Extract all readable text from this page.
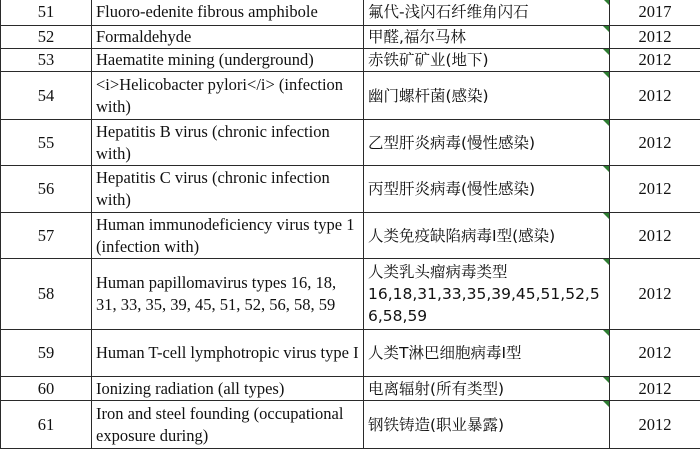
51	Fluoro-edenite fibrous amphibole	氟代-浅闪石纤维角闪石	2017
52	Formaldehyde	甲醛,福尔马林	2012
53	Haematite mining (underground)	赤铁矿矿业(地下)	2012
54	<i>Helicobacter pylori</i> (infection with)	幽门螺杆菌(感染)	2012
55	Hepatitis B virus (chronic infection with)	乙型肝炎病毒(慢性感染)	2012
56	Hepatitis C virus (chronic infection with)	丙型肝炎病毒(慢性感染)	2012
57	Human immunodeficiency virus type 1 (infection with)	人类免疫缺陷病毒I型(感染)	2012
58	Human papillomavirus types 16, 18, 31, 33, 35, 39, 45, 51, 52, 56, 58, 59	人类乳头瘤病毒类型16,18,31,33,35,39,45,51,52,56,58,59	2012
59	Human T-cell lymphotropic virus type I	人类T淋巴细胞病毒I型	2012
60	Ionizing radiation (all types)	电离辐射(所有类型)	2012
61	Iron and steel founding (occupational exposure during)	钢铁铸造(职业暴露)	2012
